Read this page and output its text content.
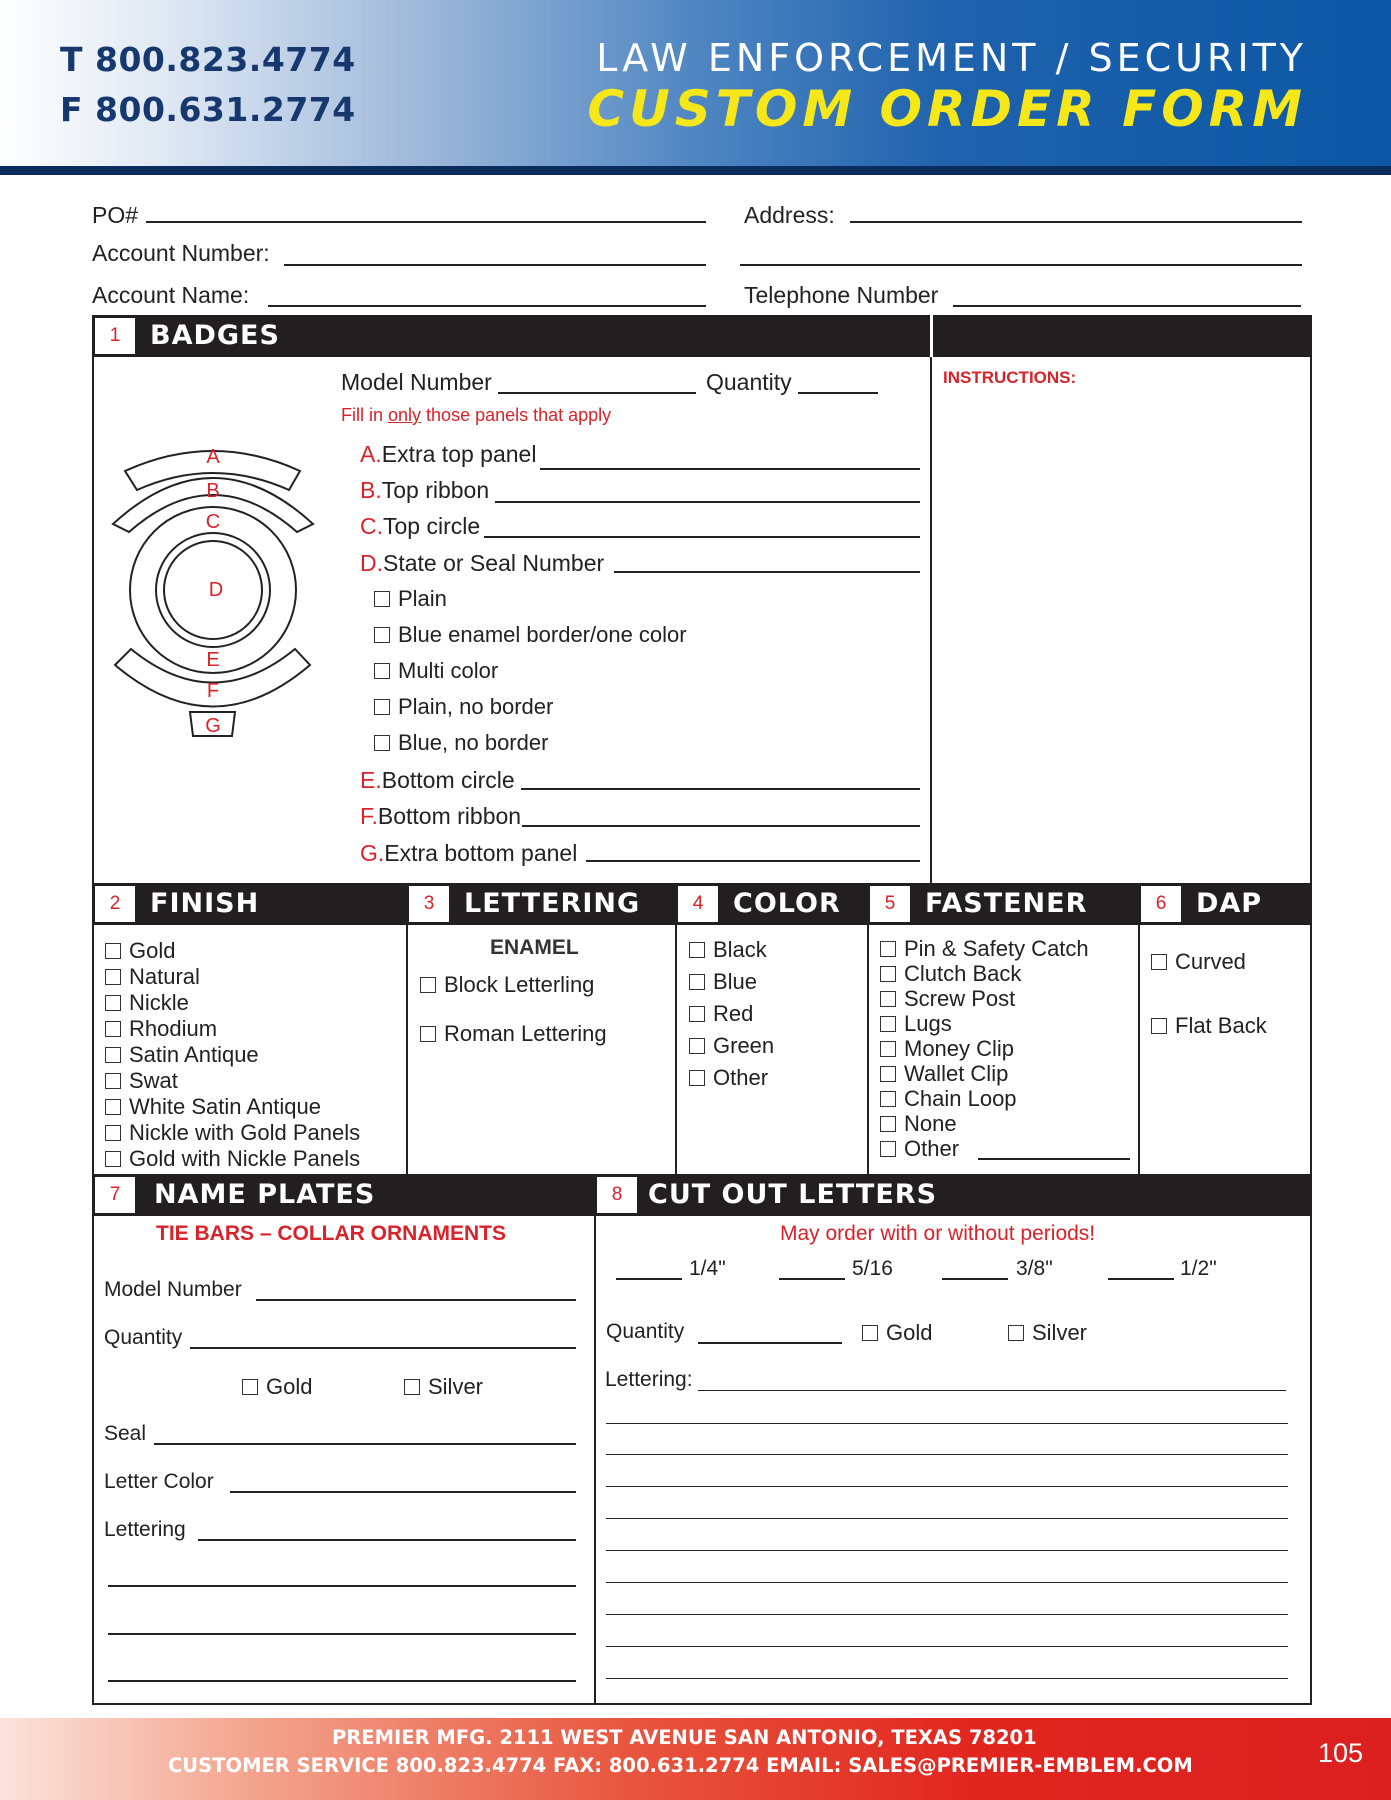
T 800.823.4774
F 800.631.2774
LAW ENFORCEMENT / SECURITY
CUSTOM ORDER FORM
PO#
Account Number:
Account Name:
Address:
Telephone Number
1	BADGES
INSTRUCTIONS:
Model Number	Quantity
Fill in only those panels that apply
A
B
C
D
E
F
G
A.Extra top panel
B.Top ribbon
C.Top circle
D.State or Seal Number
Plain
Blue enamel border/one color
Multi color
Plain, no border
Blue, no border
E.Bottom circle
F.Bottom ribbon
G.Extra bottom panel
2	FINISH	3	LETTERING	4	COLOR	5	FASTENER	6	DAP
Gold
Natural
Nickle
Rhodium
Satin Antique
Swat
White Satin Antique
Nickle with Gold Panels
Gold with Nickle Panels
ENAMEL
Block Letterling
Roman Lettering
Black
Blue
Red
Green
Other
Pin & Safety Catch
Clutch Back
Screw Post
Lugs
Money Clip
Wallet Clip
Chain Loop
None
Other
Curved
Flat Back
7	NAME PLATES	8 CUT OUT LETTERS
TIE BARS – COLLAR ORNAMENTS
Model Number
Quantity
Gold	Silver
Seal
Letter Color
Lettering
May order with or without periods!
1/4"	5/16	3/8"	1/2"
Quantity	Gold	Silver
Lettering:
PREMIER MFG. 2111 WEST AVENUE SAN ANTONIO, TEXAS 78201
CUSTOMER SERVICE 800.823.4774 FAX: 800.631.2774 EMAIL: SALES@PREMIER-EMBLEM.COM	105
